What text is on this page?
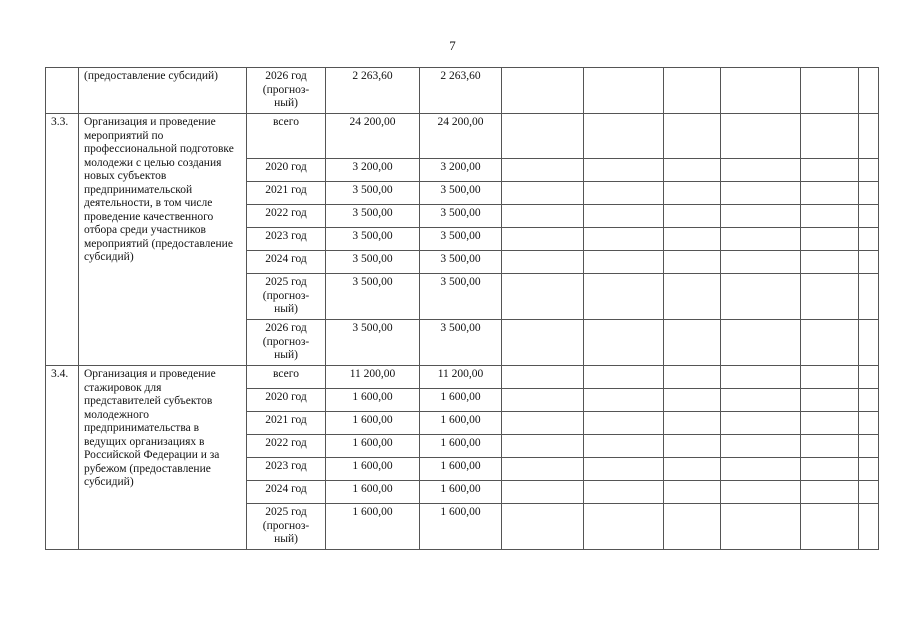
7
	(предоставление субсидий)	2026 год (прогноз-ный)	2 263,60	2 263,60						
3.3.	Организация и проведение мероприятий по профессиональной подготовке молодежи с целью создания новых субъектов предпринимательской деятельности, в том числе проведение качественного отбора среди участников мероприятий (предоставление субсидий)	всего	24 200,00	24 200,00						
		2020 год	3 200,00	3 200,00						
		2021 год	3 500,00	3 500,00						
		2022 год	3 500,00	3 500,00						
		2023 год	3 500,00	3 500,00						
		2024 год	3 500,00	3 500,00						
		2025 год (прогноз-ный)	3 500,00	3 500,00						
		2026 год (прогноз-ный)	3 500,00	3 500,00						
3.4.	Организация и проведение стажировок для представителей субъектов молодежного предпринимательства в ведущих организациях в Российской Федерации и за рубежом (предоставление субсидий)	всего	11 200,00	11 200,00						
		2020 год	1 600,00	1 600,00						
		2021 год	1 600,00	1 600,00						
		2022 год	1 600,00	1 600,00						
		2023 год	1 600,00	1 600,00						
		2024 год	1 600,00	1 600,00						
		2025 год (прогноз-ный)	1 600,00	1 600,00						
